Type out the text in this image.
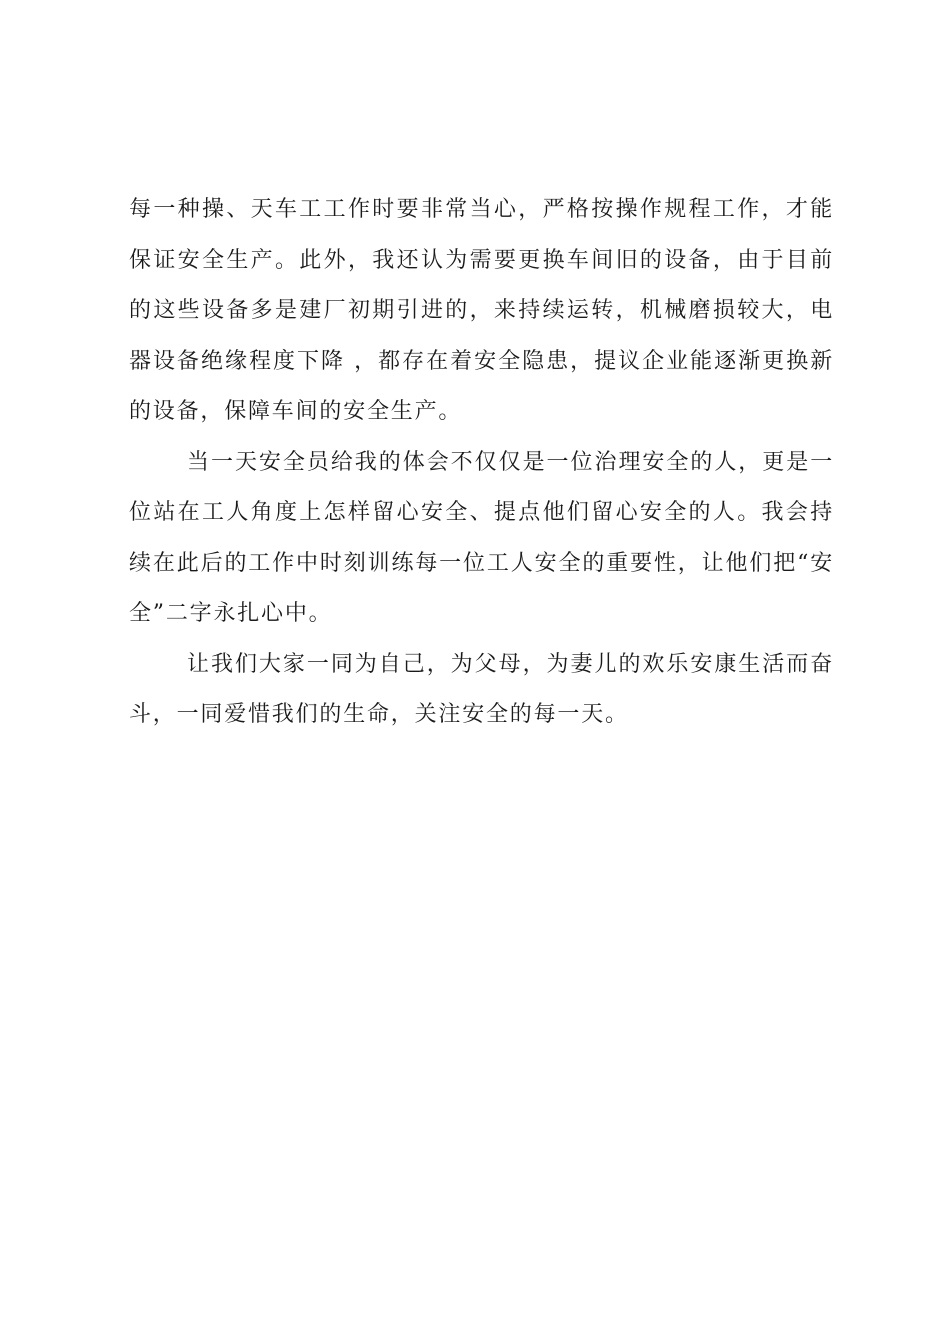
每一种操、天车工工作时要非常当心，严格按操作规程工作，才能保证安全生产。此外，我还认为需要更换车间旧的设备，由于目前的这些设备多是建厂初期引进的，来持续运转，机械磨损较大，电器设备绝缘程度下降 ，都存在着安全隐患，提议企业能逐渐更换新的设备，保障车间的安全生产。

当一天安全员给我的体会不仅仅是一位治理安全的人，更是一位站在工人角度上怎样留心安全、提点他们留心安全的人。我会持续在此后的工作中时刻训练每一位工人安全的重要性，让他们把“安全”二字永扎心中。

让我们大家一同为自己，为父母，为妻儿的欢乐安康生活而奋斗，一同爱惜我们的生命，关注安全的每一天。
